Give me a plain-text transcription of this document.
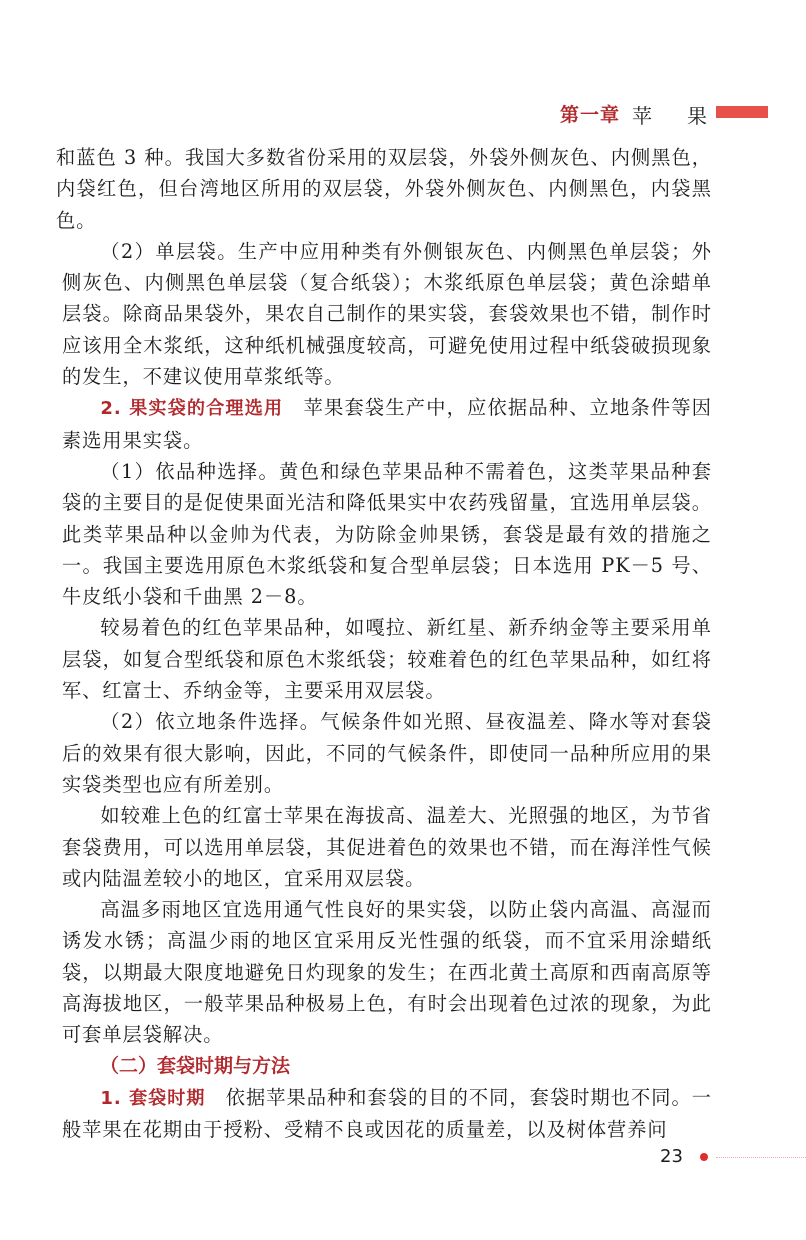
第一章 苹 果

和蓝色 3 种。我国大多数省份采用的双层袋，外袋外侧灰色、内侧黑色，内袋红色，但台湾地区所用的双层袋，外袋外侧灰色、内侧黑色，内袋黑色。

（2）单层袋。生产中应用种类有外侧银灰色、内侧黑色单层袋；外侧灰色、内侧黑色单层袋（复合纸袋）；木浆纸原色单层袋；黄色涂蜡单层袋。除商品果袋外，果农自己制作的果实袋，套袋效果也不错，制作时应该用全木浆纸，这种纸机械强度较高，可避免使用过程中纸袋破损现象的发生，不建议使用草浆纸等。

2. 果实袋的合理选用　苹果套袋生产中，应依据品种、立地条件等因素选用果实袋。

（1）依品种选择。黄色和绿色苹果品种不需着色，这类苹果品种套袋的主要目的是促使果面光洁和降低果实中农药残留量，宜选用单层袋。此类苹果品种以金帅为代表，为防除金帅果锈，套袋是最有效的措施之一。我国主要选用原色木浆纸袋和复合型单层袋；日本选用 PK－5 号、牛皮纸小袋和千曲黑 2－8。

较易着色的红色苹果品种，如嘎拉、新红星、新乔纳金等主要采用单层袋，如复合型纸袋和原色木浆纸袋；较难着色的红色苹果品种，如红将军、红富士、乔纳金等，主要采用双层袋。

（2）依立地条件选择。气候条件如光照、昼夜温差、降水等对套袋后的效果有很大影响，因此，不同的气候条件，即使同一品种所应用的果实袋类型也应有所差别。

如较难上色的红富士苹果在海拔高、温差大、光照强的地区，为节省套袋费用，可以选用单层袋，其促进着色的效果也不错，而在海洋性气候或内陆温差较小的地区，宜采用双层袋。

高温多雨地区宜选用通气性良好的果实袋，以防止袋内高温、高湿而诱发水锈；高温少雨的地区宜采用反光性强的纸袋，而不宜采用涂蜡纸袋，以期最大限度地避免日灼现象的发生；在西北黄土高原和西南高原等高海拔地区，一般苹果品种极易上色，有时会出现着色过浓的现象，为此可套单层袋解决。

（二）套袋时期与方法

1. 套袋时期　依据苹果品种和套袋的目的不同，套袋时期也不同。一般苹果在花期由于授粉、受精不良或因花的质量差，以及树体营养问

23
